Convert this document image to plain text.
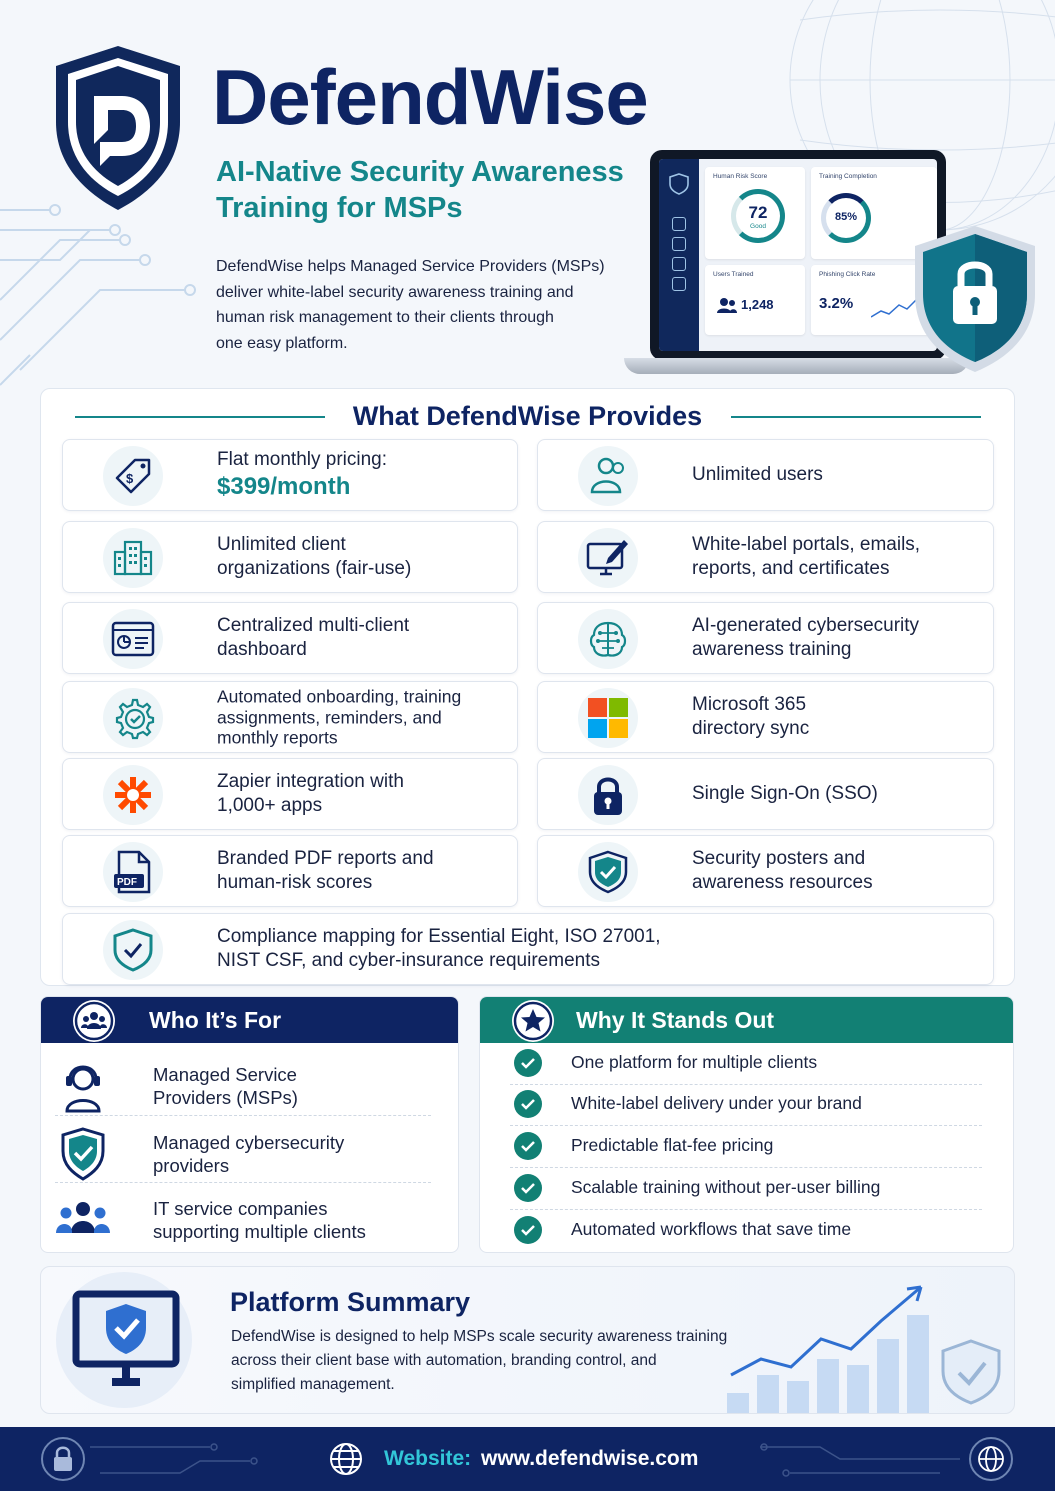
DefendWise
AI-Native Security Awareness
Training for MSPs
DefendWise helps Managed Service Providers (MSPs)
deliver white-label security awareness training and
human risk management to their clients through
one easy platform.
Human Risk Score
72
Good
Training Completion
85%
Users Trained
1,248
Phishing Click Rate
3.2%
What DefendWise Provides
$
Flat monthly pricing:
$399/month	Unlimited users
Unlimited client
organizations (fair-use)
White-label portals, emails,
reports, and certificates
Centralized multi-client
dashboard
AI-generated cybersecurity
awareness training
Automated onboarding, training
assignments, reminders, and
monthly reports
Microsoft 365
directory sync
Zapier integration with
1,000+ apps
Single Sign-On (SSO)
PDF
Branded PDF reports and
human-risk scores
Security posters and
awareness resources
Compliance mapping for Essential Eight, ISO 27001,
NIST CSF, and cyber-insurance requirements
Who It’s For
Managed Service
Providers (MSPs)
Managed cybersecurity
providers
IT service companies
supporting multiple clients
Why It Stands Out
One platform for multiple clients
White-label delivery under your brand
Predictable flat-fee pricing
Scalable training without per-user billing
Automated workflows that save time
Platform Summary
DefendWise is designed to help MSPs scale security awareness training
across their client base with automation, branding control, and
simplified management.
Website: www.defendwise.com
